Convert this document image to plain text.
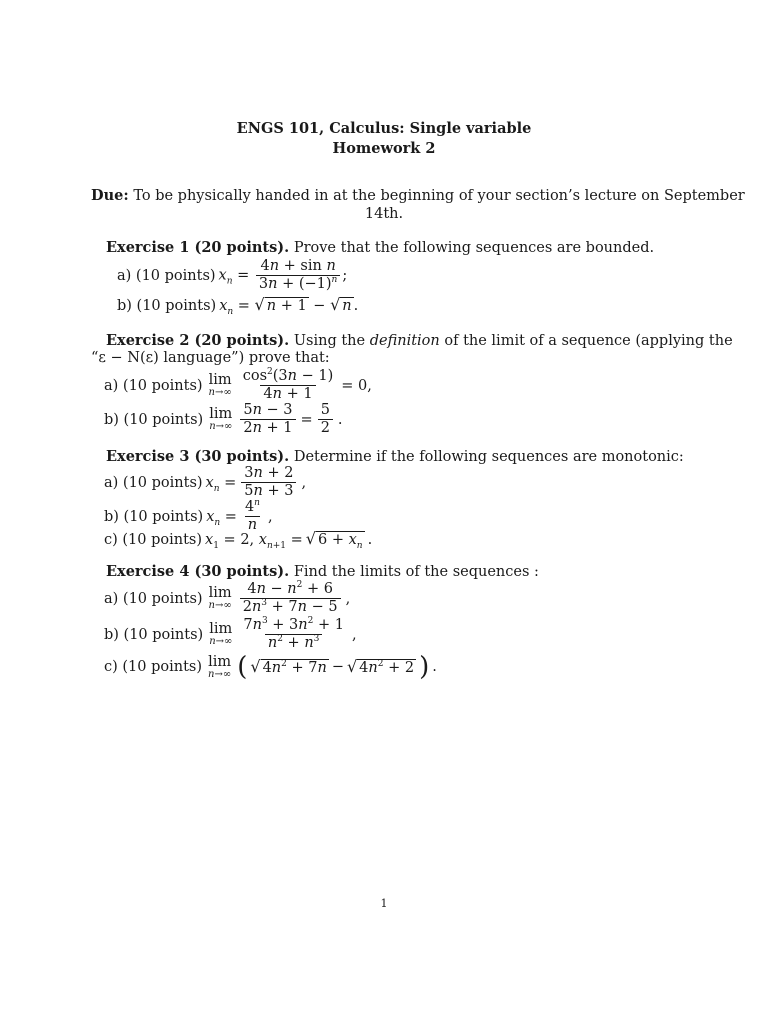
ENGS 101, Calculus: Single variable
Homework 2
Due: To be physically handed in at the beginning of your section’s lecture on September
14th.
Exercise 1 (20 points). Prove that the following sequences are bounded.
a) (10 points) $x_n = \frac{\text{4n + sin n}}{3n + (-1)^n}$ ;
b) (10 points) $x_n$ = √ n + 1 − √ n .
Exercise 2 (20 points). Using the definition of the limit of a sequence (applying the
“ε − N(ε) language”) prove that:
a) (10 points) lim
$n\to\infty \frac{\cos^2(3n - 1)}{4n + 1} = 0$,
b) (10 points) lim
$n\to\infty \frac{5n - 3}{2n + 1} = \frac{5}{2}$ .
Exercise 3 (30 points). Determine if the following sequences are monotonic:
a) (10 points) $x_n = \frac{3n + 2}{5n + 3}$ ,
b) (10 points) $x_n = \frac{4^n}{n}$ ,
c) (10 points) $x_1 = 2$, $x_{n+1}$ = √ $6 + x_n$ .
Exercise 4 (30 points). Find the limits of the sequences :
a) (10 points) lim
$n\to\infty \frac{4n - n^2 + 6}{2n^3 + 7n - 5}$ ,
b) (10 points) lim
$n\to\infty \frac{7n^3 + 3n^2 + 1}{n^2 + n^3}$ ,
c) (10 points) lim
n→∞ ( √ $4n^2 + 7n$ − √ $4n^2 + 2$ ) .
1
